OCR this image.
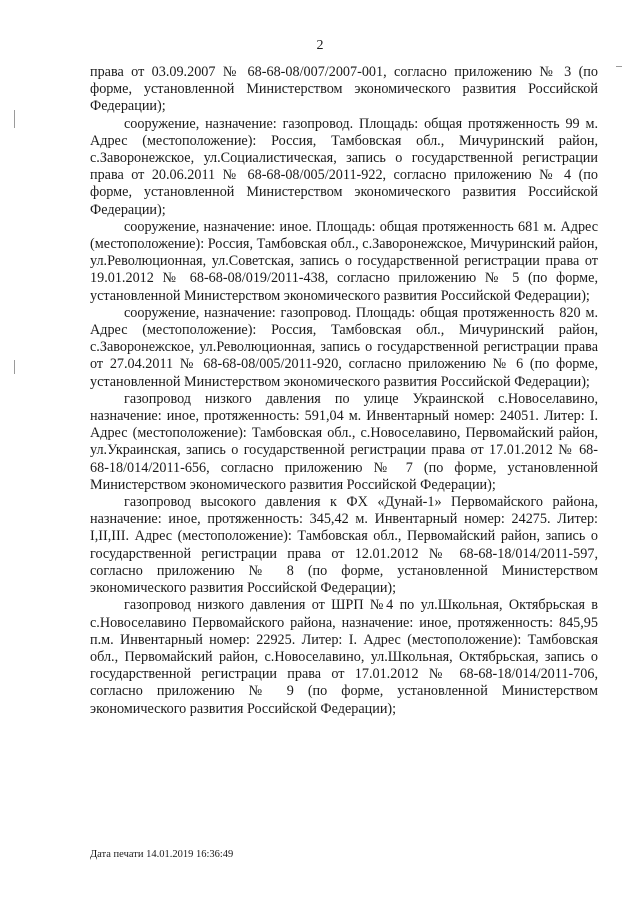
2

права от 03.09.2007 № 68-68-08/007/2007-001, согласно приложению № 3 (по форме, установленной Министерством экономического развития Российской Федерации);

сооружение, назначение: газопровод. Площадь: общая протяженность 99 м. Адрес (местоположение): Россия, Тамбовская обл., Мичуринский район, с.Заворонежское, ул.Социалистическая, запись о государственной регистрации права от 20.06.2011 № 68-68-08/005/2011-922, согласно приложению № 4 (по форме, установленной Министерством экономического развития Российской Федерации);

сооружение, назначение: иное. Площадь: общая протяженность 681 м. Адрес (местоположение): Россия, Тамбовская обл., с.Заворонежское, Мичуринский район, ул.Революционная, ул.Советская, запись о государственной регистрации права от 19.01.2012 № 68-68-08/019/2011-438, согласно приложению № 5 (по форме, установленной Министерством экономического развития Российской Федерации);

сооружение, назначение: газопровод. Площадь: общая протяженность 820 м. Адрес (местоположение): Россия, Тамбовская обл., Мичуринский район, с.Заворонежское, ул.Революционная, запись о государственной регистрации права от 27.04.2011 № 68-68-08/005/2011-920, согласно приложению № 6 (по форме, установленной Министерством экономического развития Российской Федерации);

газопровод низкого давления по улице Украинской с.Новоселавино, назначение: иное, протяженность: 591,04 м. Инвентарный номер: 24051. Литер: I. Адрес (местоположение): Тамбовская обл., с.Новоселавино, Первомайский район, ул.Украинская, запись о государственной регистрации права от 17.01.2012 № 68-68-18/014/2011-656, согласно приложению № 7 (по форме, установленной Министерством экономического развития Российской Федерации);

газопровод высокого давления к ФХ «Дунай-1» Первомайского района, назначение: иное, протяженность: 345,42 м. Инвентарный номер: 24275. Литер: I,II,III. Адрес (местоположение): Тамбовская обл., Первомайский район, запись о государственной регистрации права от 12.01.2012 № 68-68-18/014/2011-597, согласно приложению № 8 (по форме, установленной Министерством экономического развития Российской Федерации);

газопровод низкого давления от ШРП №4 по ул.Школьная, Октябрьская в с.Новоселавино Первомайского района, назначение: иное, протяженность: 845,95 п.м. Инвентарный номер: 22925. Литер: I. Адрес (местоположение): Тамбовская обл., Первомайский район, с.Новоселавино, ул.Школьная, Октябрьская, запись о государственной регистрации права от 17.01.2012 № 68-68-18/014/2011-706, согласно приложению № 9 (по форме, установленной Министерством экономического развития Российской Федерации);

Дата печати 14.01.2019 16:36:49
